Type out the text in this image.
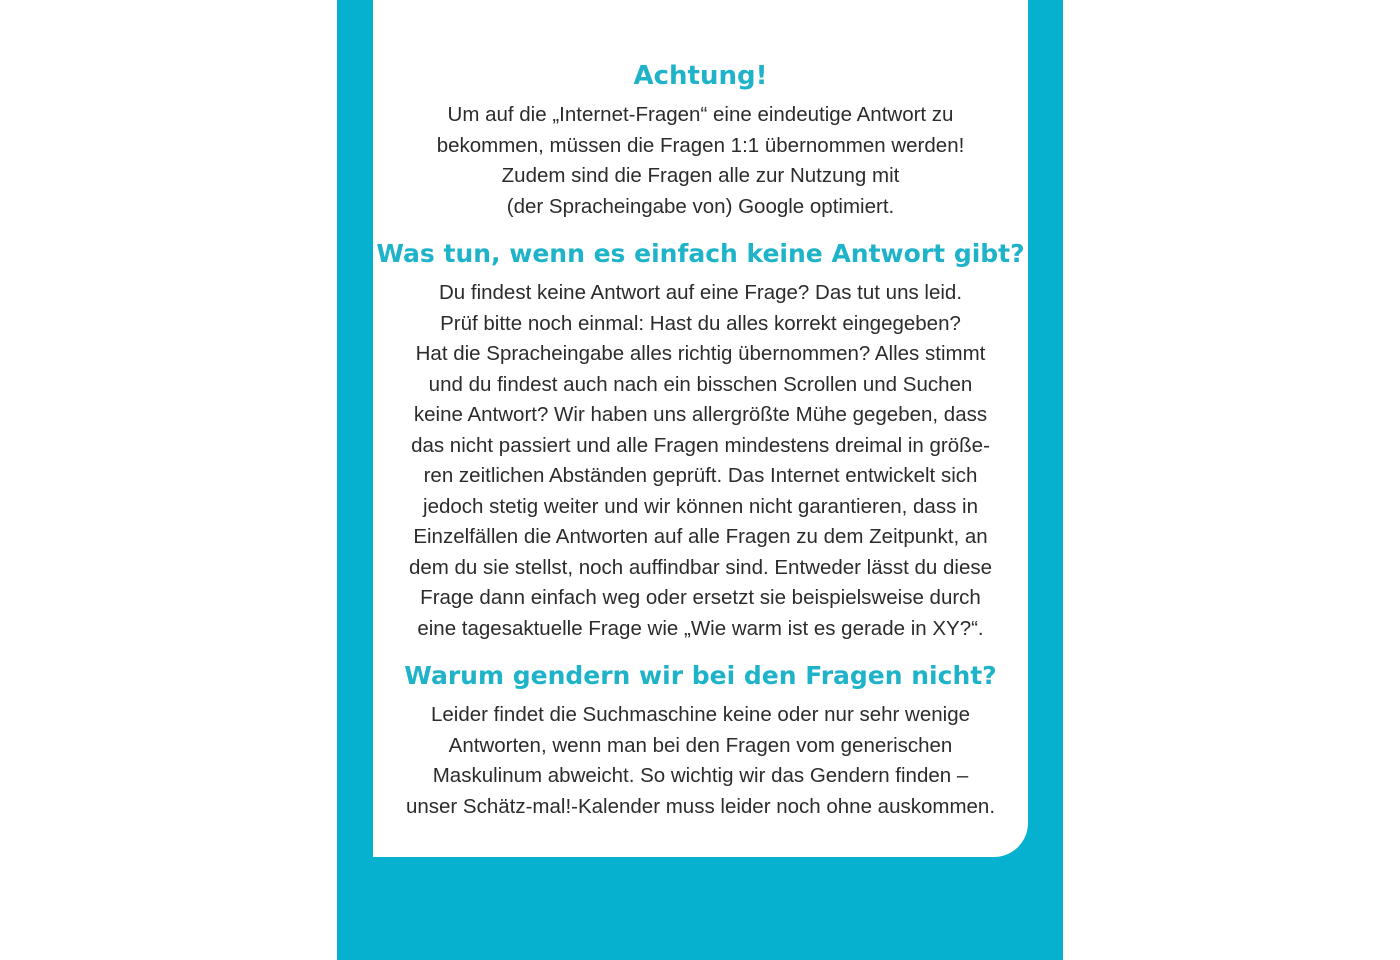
Achtung!
Um auf die „Internet-Fragen“ eine eindeutige Antwort zu
bekommen, müssen die Fragen 1:1 übernommen werden!
Zudem sind die Fragen alle zur Nutzung mit
(der Spracheingabe von) Google optimiert.
Was tun, wenn es einfach keine Antwort gibt?
Du findest keine Antwort auf eine Frage? Das tut uns leid.
Prüf bitte noch einmal: Hast du alles korrekt eingegeben?
Hat die Spracheingabe alles richtig übernommen? Alles stimmt
und du findest auch nach ein bisschen Scrollen und Suchen
keine Antwort? Wir haben uns allergrößte Mühe gegeben, dass
das nicht passiert und alle Fragen mindestens dreimal in größe-
ren zeitlichen Abständen geprüft. Das Internet entwickelt sich
jedoch stetig weiter und wir können nicht garantieren, dass in
Einzelfällen die Antworten auf alle Fragen zu dem Zeitpunkt, an
dem du sie stellst, noch auffindbar sind. Entweder lässt du diese
Frage dann einfach weg oder ersetzt sie beispielsweise durch
eine tagesaktuelle Frage wie „Wie warm ist es gerade in XY?“.
Warum gendern wir bei den Fragen nicht?
Leider findet die Suchmaschine keine oder nur sehr wenige
Antworten, wenn man bei den Fragen vom generischen
Maskulinum abweicht. So wichtig wir das Gendern finden –
unser Schätz-mal!-Kalender muss leider noch ohne auskommen.
